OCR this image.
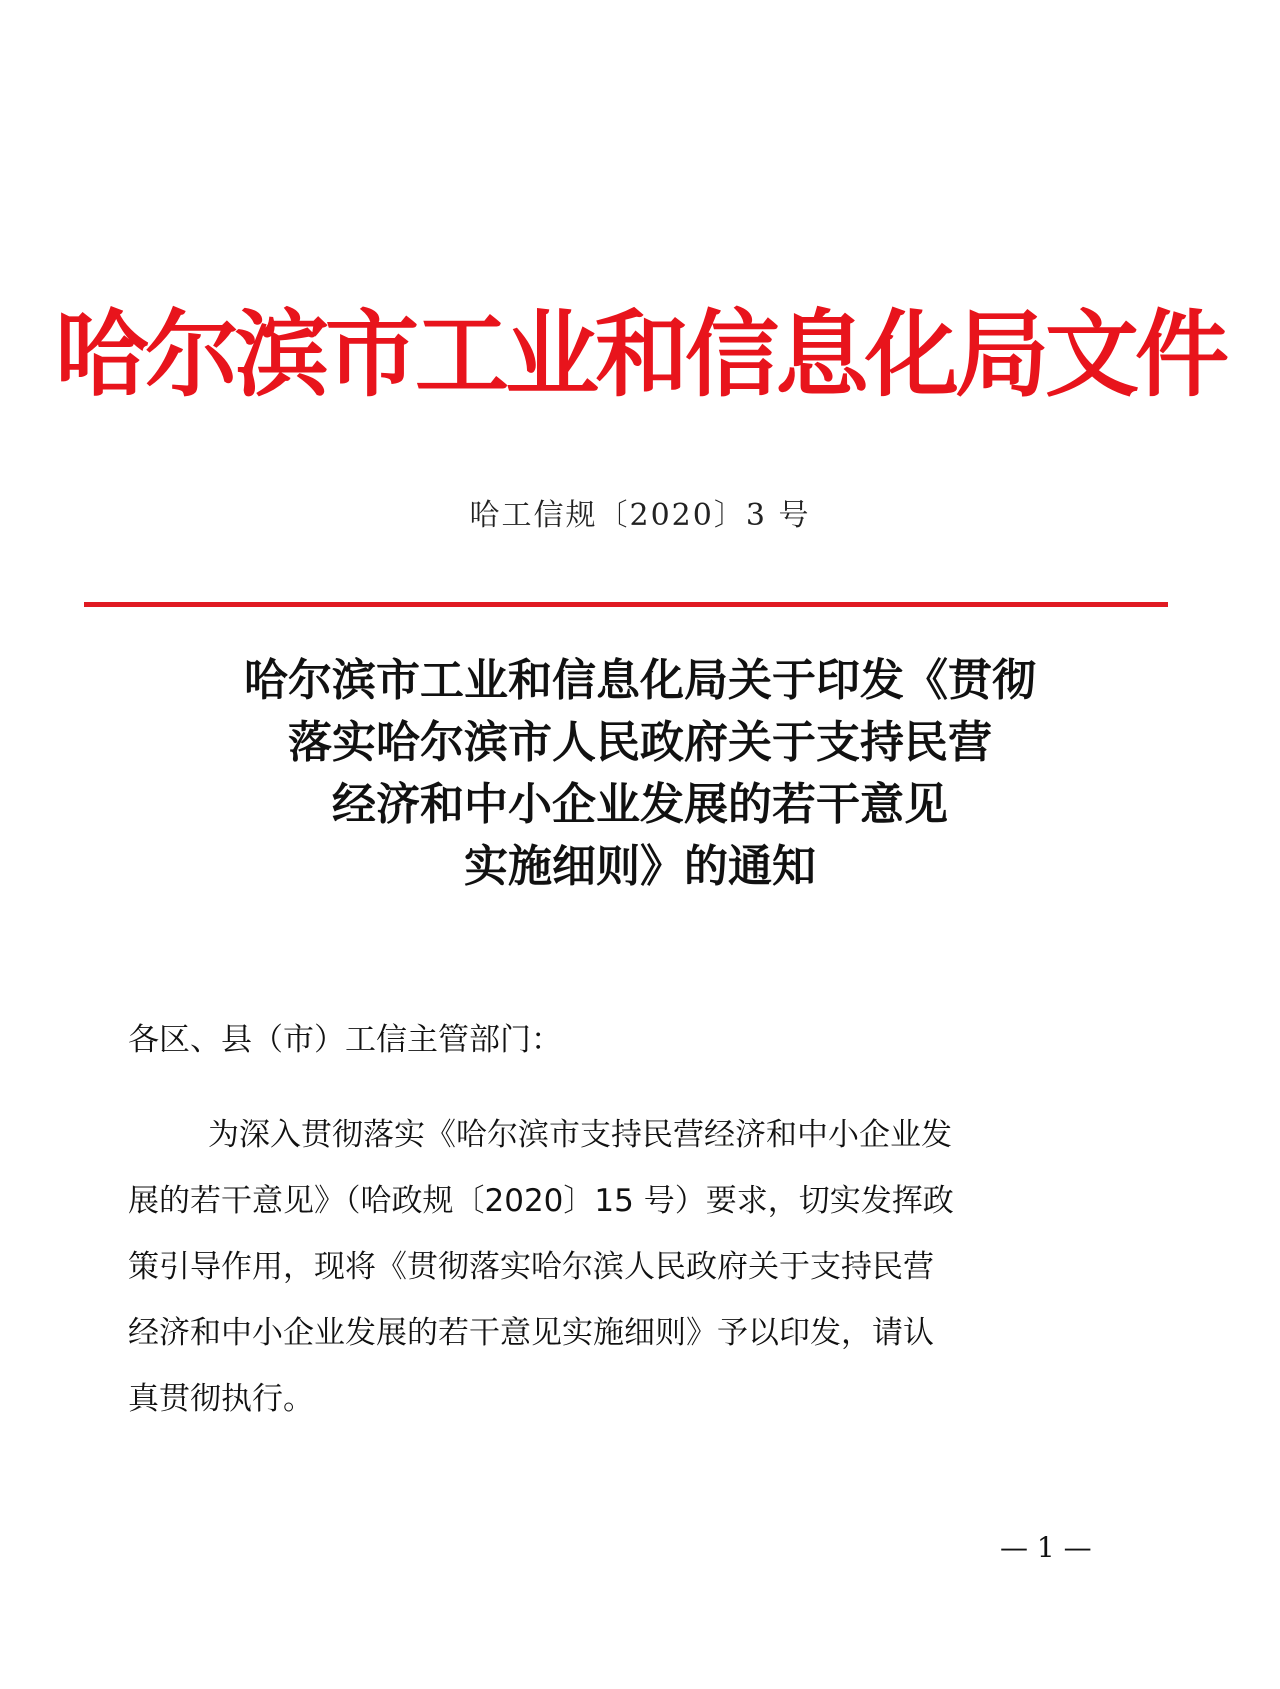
哈尔滨市工业和信息化局文件
哈工信规〔2020〕3 号
哈尔滨市工业和信息化局关于印发《贯彻
落实哈尔滨市人民政府关于支持民营
经济和中小企业发展的若干意见
实施细则》的通知
各区、县（市）工信主管部门：
为深入贯彻落实《哈尔滨市支持民营经济和中小企业发
展的若干意见》（哈政规〔2020〕15 号）要求，切实发挥政
策引导作用，现将《贯彻落实哈尔滨人民政府关于支持民营
经济和中小企业发展的若干意见实施细则》予以印发，请认
真贯彻执行。
— 1 —
